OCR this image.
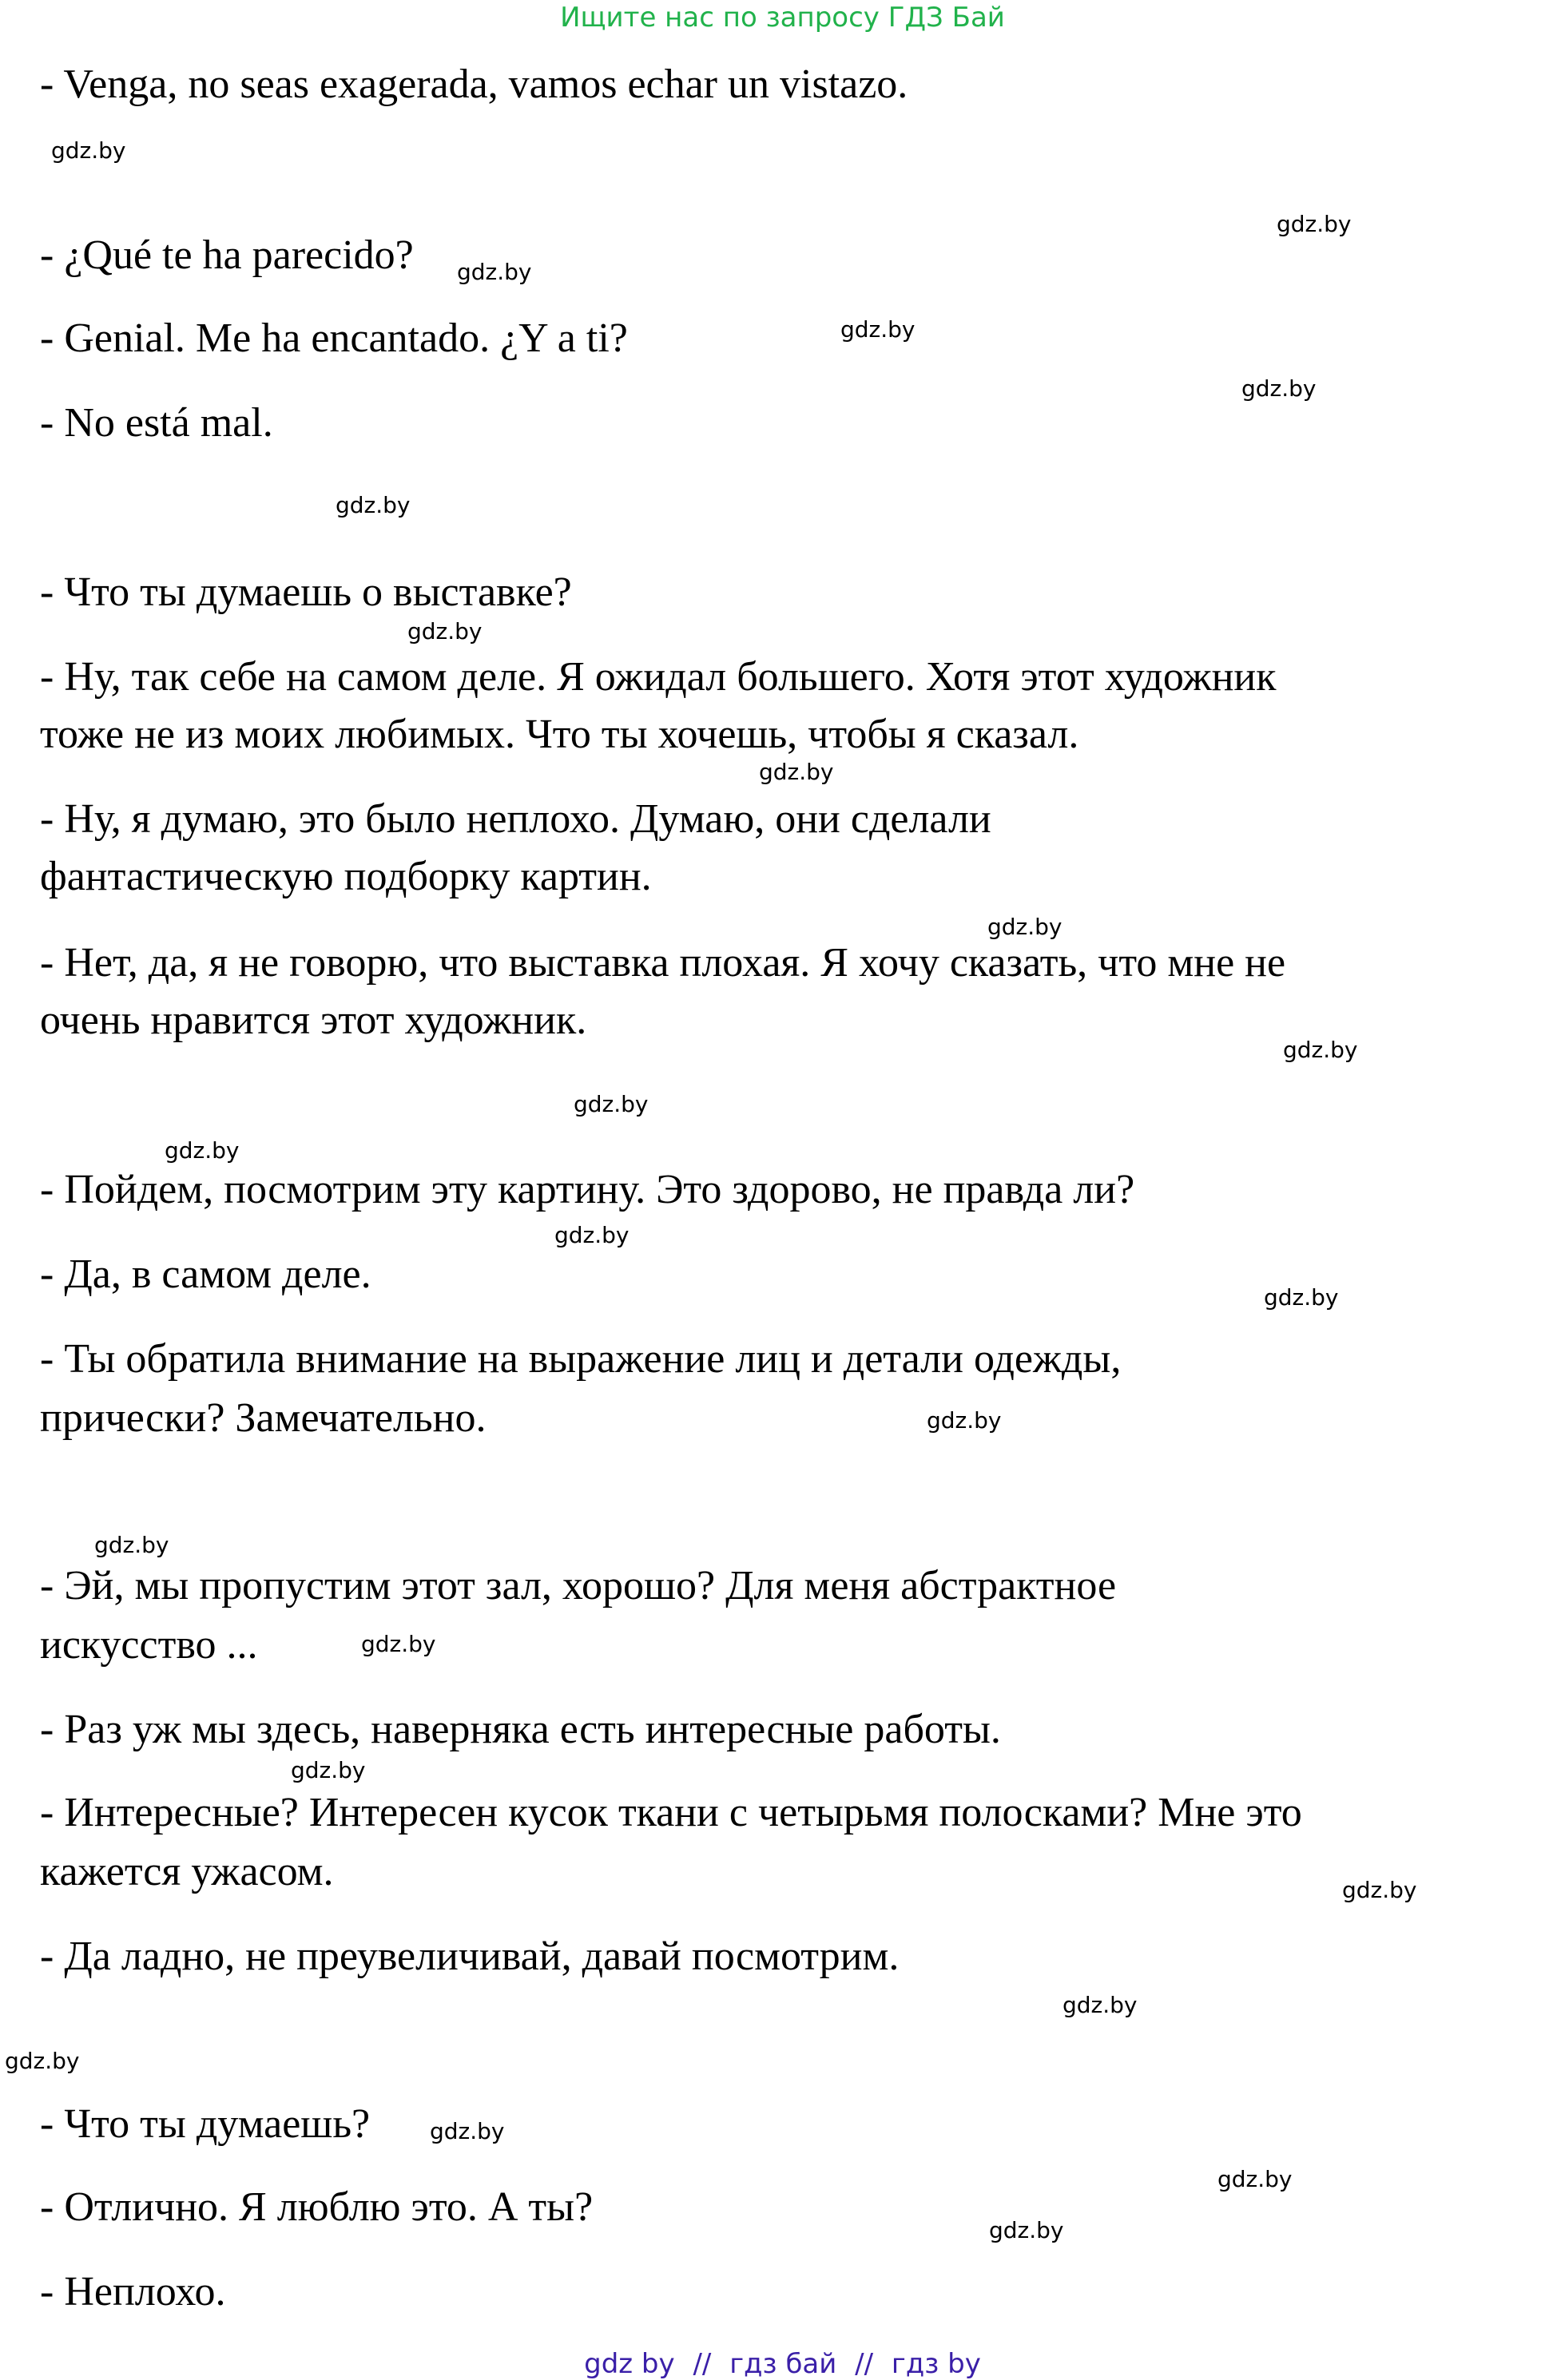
Ищите нас по запросу ГДЗ Бай
- Venga, no seas exagerada, vamos echar un vistazo.
- ¿Qué te ha parecido?
- Genial. Me ha encantado. ¿Y a ti?
- No está mal.
- Что ты думаешь о выставке?
- Ну, так себе на самом деле. Я ожидал большего. Хотя этот художник
тоже не из моих любимых. Что ты хочешь, чтобы я сказал.
- Ну, я думаю, это было неплохо. Думаю, они сделали
фантастическую подборку картин.
- Нет, да, я не говорю, что выставка плохая. Я хочу сказать, что мне не
очень нравится этот художник.
- Пойдем, посмотрим эту картину. Это здорово, не правда ли?
- Да, в самом деле.
- Ты обратила внимание на выражение лиц и детали одежды,
прически? Замечательно.
- Эй, мы пропустим этот зал, хорошо? Для меня абстрактное
искусство ...
- Раз уж мы здесь, наверняка есть интересные работы.
- Интересные? Интересен кусок ткани с четырьмя полосками? Мне это
кажется ужасом.
- Да ладно, не преувеличивай, давай посмотрим.
- Что ты думаешь?
- Отлично. Я люблю это. А ты?
- Неплохо.
gdz.by
gdz.by
gdz.by
gdz.by
gdz.by
gdz.by
gdz.by
gdz.by
gdz.by
gdz.by
gdz.by
gdz.by
gdz.by
gdz.by
gdz.by
gdz.by
gdz.by
gdz.by
gdz.by
gdz.by
gdz.by
gdz.by
gdz.by
gdz.by
gdz by // гдз бай // гдз by
